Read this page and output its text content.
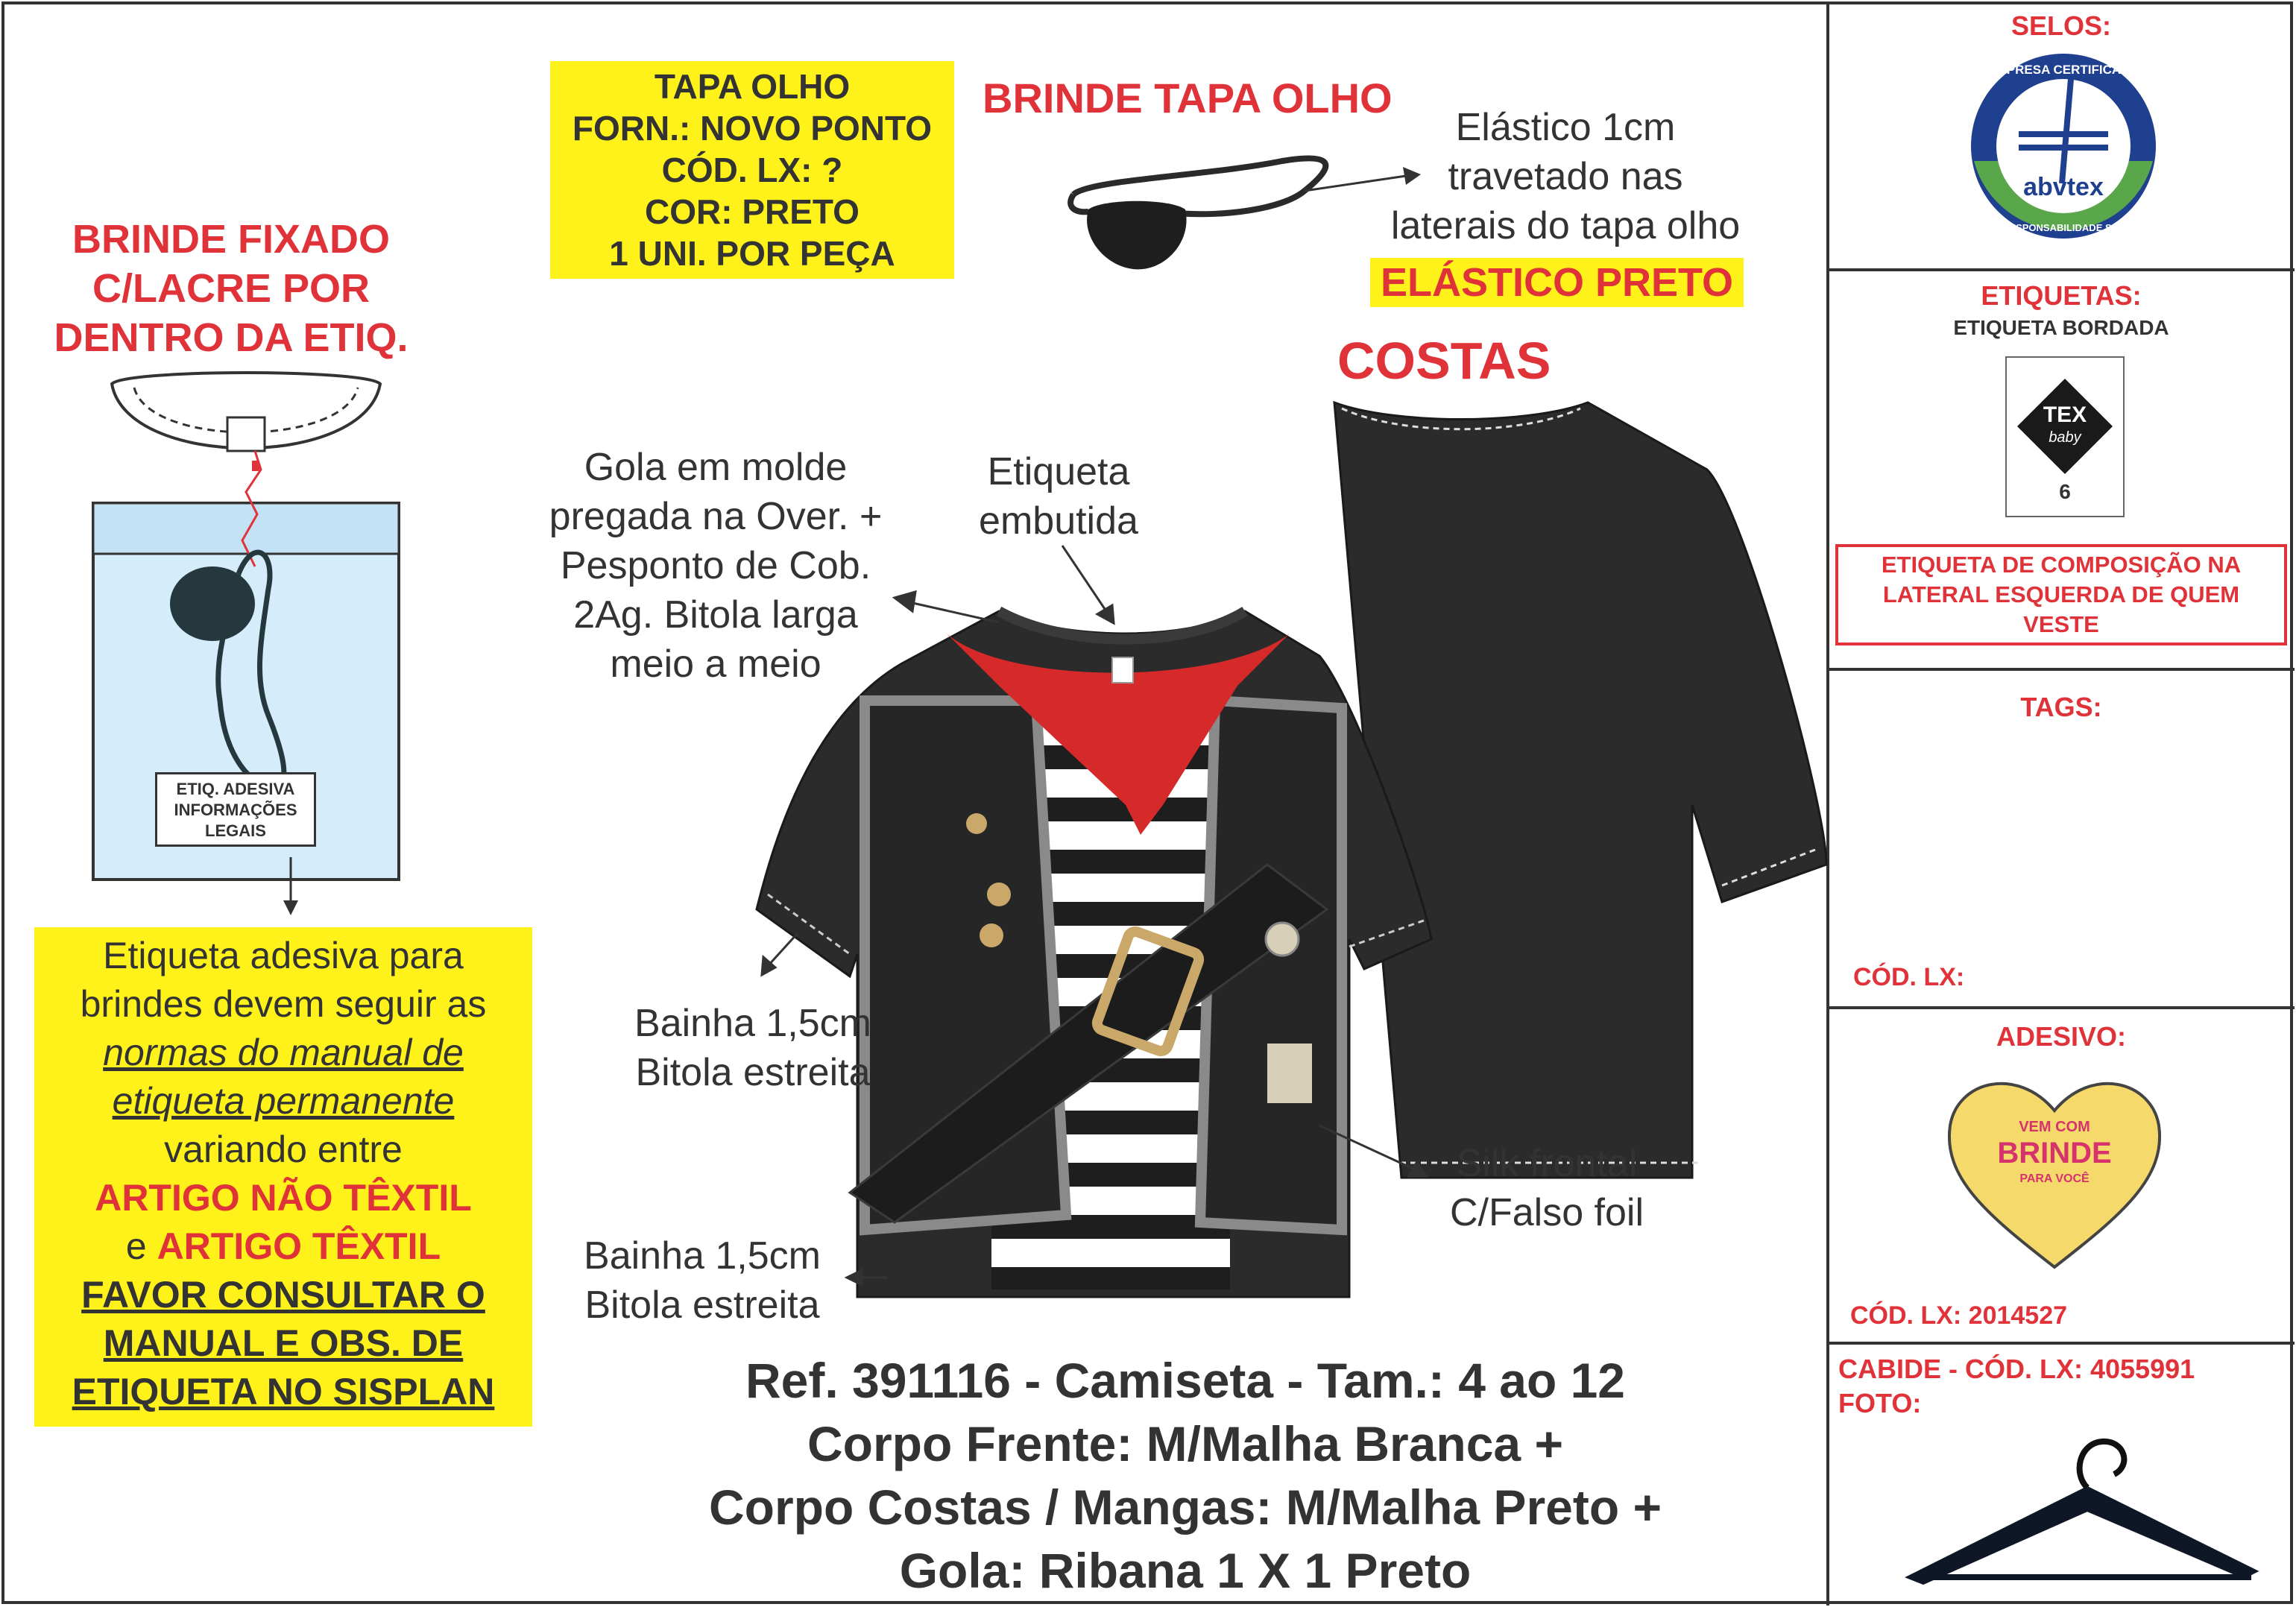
BRINDE FIXADO
C/LACRE POR
DENTRO DA ETIQ.
ETIQ. ADESIVA
INFORMAÇÕES
LEGAIS
Etiqueta adesiva para
brindes devem seguir as
normas do manual de
etiqueta permanente
variando entre
ARTIGO NÃO TÊXTIL
e ARTIGO TÊXTIL
FAVOR CONSULTAR O
MANUAL E OBS. DE
ETIQUETA NO SISPLAN
TAPA OLHO
FORN.: NOVO PONTO
CÓD. LX: ?
COR: PRETO
1 UNI. POR PEÇA
BRINDE TAPA OLHO
Elástico 1cm
travetado nas
laterais do tapa olho
ELÁSTICO PRETO
COSTAS
Gola em molde
pregada na Over. +
Pesponto de Cob.
2Ag. Bitola larga
meio a meio
Etiqueta
embutida
Bainha 1,5cm
Bitola estreita
Bainha 1,5cm
Bitola estreita
Silk frontal
C/Falso foil
Ref. 391116 - Camiseta - Tam.: 4 ao 12
Corpo Frente: M/Malha Branca +
Corpo Costas / Mangas: M/Malha Preto +
Gola: Ribana 1 X 1 Preto
SELOS:
abvtex
EMPRESA CERTIFICADA
EM RESPONSABILIDADE SOCIAL
ETIQUETAS:
ETIQUETA BORDADA
TEX
baby
6
ETIQUETA DE COMPOSIÇÃO NA
LATERAL ESQUERDA DE QUEM
VESTE
TAGS:
CÓD. LX:
ADESIVO:
VEM COM
BRINDE
PARA VOCÊ
CÓD. LX: 2014527
CABIDE - CÓD. LX: 4055991
FOTO:
